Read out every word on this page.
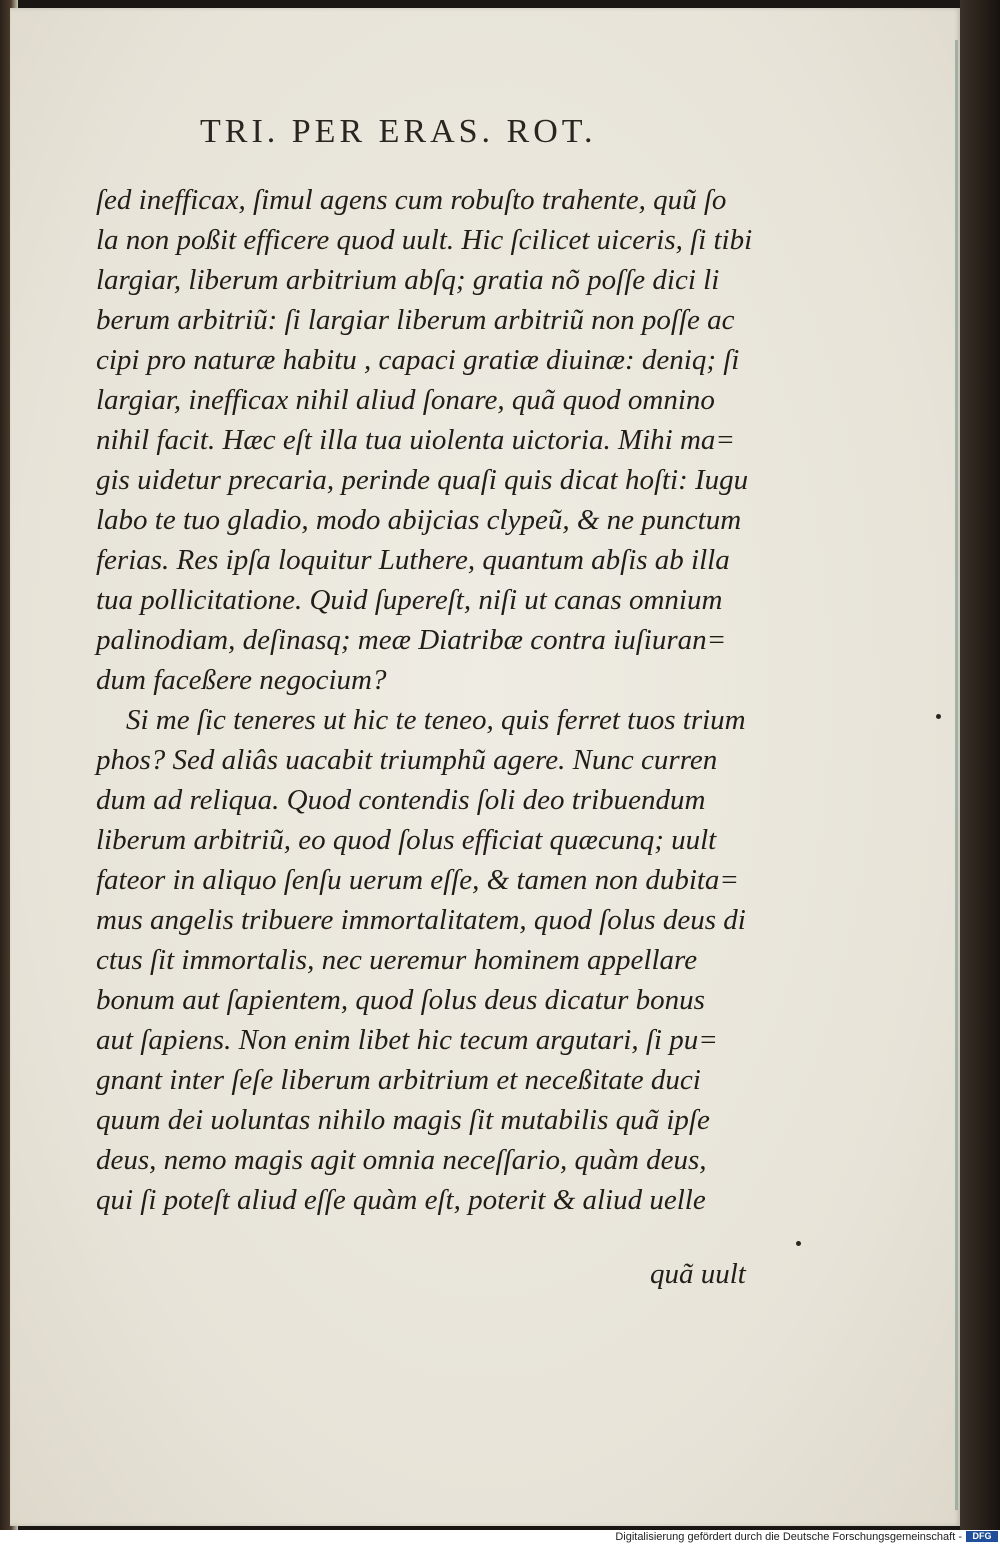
TRI. PER ERAS. ROT.
ſed inefficax, ſimul agens cum robuſto trahente, quũ ſo
la non poßit efficere quod uult. Hic ſcilicet uiceris, ſi tibi
largiar, liberum arbitrium abſq; gratia nõ poſſe dici li
berum arbitriũ: ſi largiar liberum arbitriũ non poſſe ac
cipi pro naturæ habitu , capaci gratiæ diuinæ: deniq; ſi
largiar, inefficax nihil aliud ſonare, quã quod omnino
nihil facit. Hæc eſt illa tua uiolenta uictoria. Mihi ma=
gis uidetur precaria, perinde quaſi quis dicat hoſti: Iugu
labo te tuo gladio, modo abijcias clypeũ, & ne punctum
ferias. Res ipſa loquitur Luthere, quantum abſis ab illa
tua pollicitatione. Quid ſupereſt, niſi ut canas omnium
palinodiam, deſinasq; meæ Diatribæ contra iuſiuran=
dum faceßere negocium?
Si me ſic teneres ut hic te teneo, quis ferret tuos trium
phos? Sed aliâs uacabit triumphũ agere. Nunc curren
dum ad reliqua. Quod contendis ſoli deo tribuendum
liberum arbitriũ, eo quod ſolus efficiat quæcunq; uult
fateor in aliquo ſenſu uerum eſſe, & tamen non dubita=
mus angelis tribuere immortalitatem, quod ſolus deus di
ctus ſit immortalis, nec ueremur hominem appellare
bonum aut ſapientem, quod ſolus deus dicatur bonus
aut ſapiens. Non enim libet hic tecum argutari, ſi pu=
gnant inter ſeſe liberum arbitrium et neceßitate duci
quum dei uoluntas nihilo magis ſit mutabilis quã ipſe
deus, nemo magis agit omnia neceſſario, quàm deus,
qui ſi poteſt aliud eſſe quàm eſt, poterit & aliud uelle
quã uult
Digitalisierung gefördert durch die Deutsche Forschungsgemeinschaft -	DFG
